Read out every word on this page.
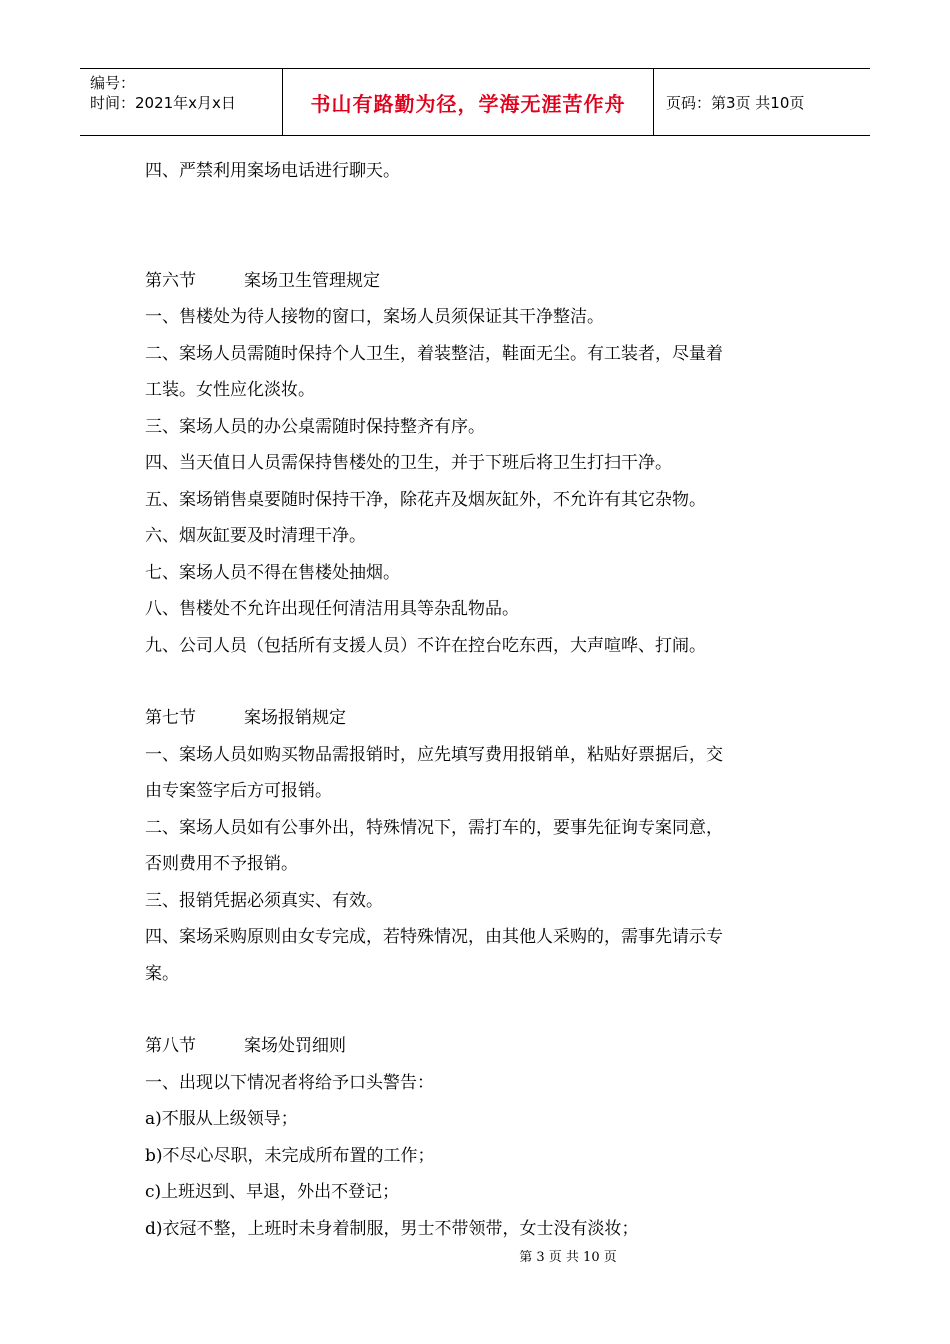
编号：
时间：2021年x月x日	书山有路勤为径，学海无涯苦作舟	页码：第3页 共10页
四、严禁利用案场电话进行聊天。
第六节	案场卫生管理规定
一、售楼处为待人接物的窗口，案场人员须保证其干净整洁。
二、案场人员需随时保持个人卫生，着装整洁，鞋面无尘。有工装者，尽量着
工装。女性应化淡妆。
三、案场人员的办公桌需随时保持整齐有序。
四、当天值日人员需保持售楼处的卫生，并于下班后将卫生打扫干净。
五、案场销售桌要随时保持干净，除花卉及烟灰缸外，不允许有其它杂物。
六、烟灰缸要及时清理干净。
七、案场人员不得在售楼处抽烟。
八、售楼处不允许出现任何清洁用具等杂乱物品。
九、公司人员（包括所有支援人员）不许在控台吃东西，大声喧哗、打闹。
第七节	案场报销规定
一、案场人员如购买物品需报销时，应先填写费用报销单，粘贴好票据后，交
由专案签字后方可报销。
二、案场人员如有公事外出，特殊情况下，需打车的，要事先征询专案同意，
否则费用不予报销。
三、报销凭据必须真实、有效。
四、案场采购原则由女专完成，若特殊情况，由其他人采购的，需事先请示专
案。
第八节	案场处罚细则
一、出现以下情况者将给予口头警告：
a)不服从上级领导；
b)不尽心尽职，未完成所布置的工作；
c)上班迟到、早退，外出不登记；
d)衣冠不整，上班时未身着制服，男士不带领带，女士没有淡妆；
第 3 页 共 10 页
